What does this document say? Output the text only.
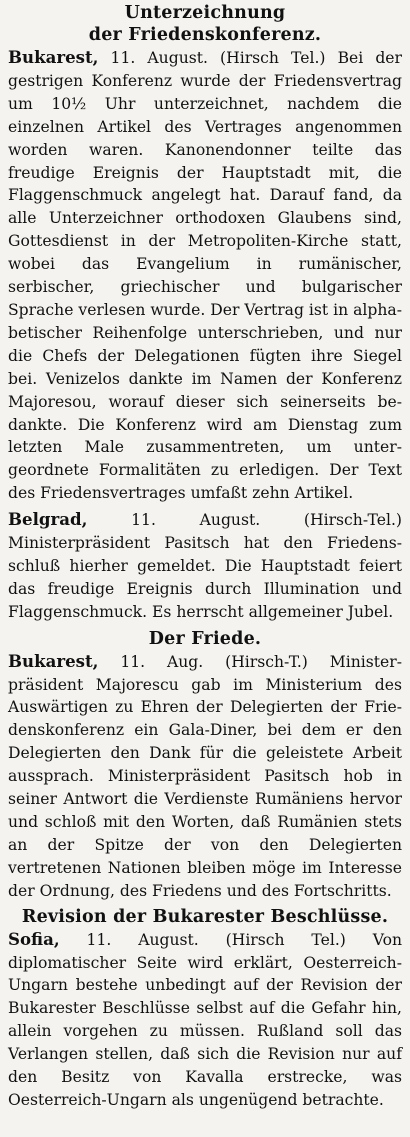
Unterzeichnung
der Friedenskonferenz.

Bukarest, 11. August. (Hirsch Tel.) Bei der gestrigen Konferenz wurde der Friedensvertrag um 10½ Uhr unterzeichnet, nachdem die einzelnen Artikel des Vertrages angenommen worden waren. Kanonendonner teilte das freudige Ereignis der Hauptstadt mit, die Flaggenschmuck angelegt hat. Darauf fand, da alle Unterzeichner orthodoxen Glaubens sind, Gottesdienst in der Metropoliten-Kirche statt, wobei das Evangelium in rumänischer, serbischer, griechischer und bulgarischer Sprache verlesen wurde. Der Vertrag ist in alphabetischer Reihenfolge unterschrieben, und nur die Chefs der Delegationen fügten ihre Siegel bei. Venizelos dankte im Namen der Konferenz Majoresou, worauf dieser sich seinerseits bedankte. Die Konferenz wird am Dienstag zum letzten Male zusammentreten, um untergeordnete Formalitäten zu erledigen. Der Text des Friedensvertrages umfaßt zehn Artikel.

Belgrad, 11. August. (Hirsch-Tel.) Ministerpräsident Pasitsch hat den Friedensschluß hierher gemeldet. Die Hauptstadt feiert das freudige Ereignis durch Illumination und Flaggenschmuck. Es herrscht allgemeiner Jubel.

Der Friede.

Bukarest, 11. Aug. (Hirsch-T.) Ministerpräsident Majorescu gab im Ministerium des Auswärtigen zu Ehren der Delegierten der Friedenskonferenz ein Gala-Diner, bei dem er den Delegierten den Dank für die geleistete Arbeit aussprach. Ministerpräsident Pasitsch hob in seiner Antwort die Verdienste Rumäniens hervor und schloß mit den Worten, daß Rumänien stets an der Spitze der von den Delegierten vertretenen Nationen bleiben möge im Interesse der Ordnung, des Friedens und des Fortschritts.

Revision der Bukarester Beschlüsse.

Sofia, 11. August. (Hirsch Tel.) Von diplomatischer Seite wird erklärt, Oesterreich-Ungarn bestehe unbedingt auf der Revision der Bukarester Beschlüsse selbst auf die Gefahr hin, allein vorgehen zu müssen. Rußland soll das Verlangen stellen, daß sich die Revision nur auf den Besitz von Kavalla erstrecke, was Oesterreich-Ungarn als ungenügend betrachte.
